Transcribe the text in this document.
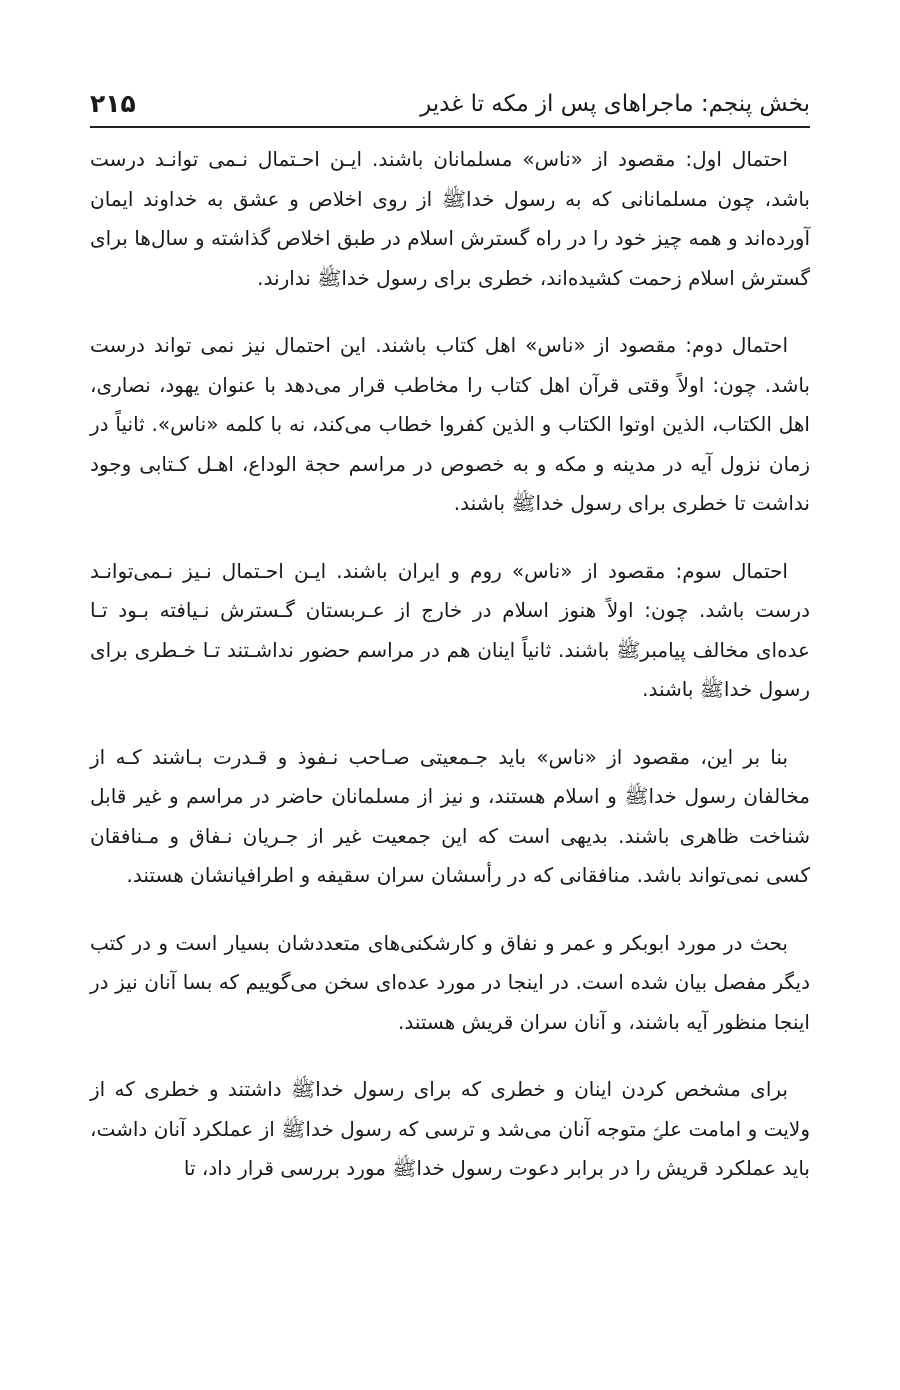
بخش پنجم: ماجراهای پس از مکه تا غدیر
۲۱۵

احتمال اول: مقصود از «ناس» مسلمانان باشند. ایـن احـتمال نـمی توانـد درست باشد، چون مسلمانانی که به رسول خداﷺ از روی اخلاص و عشق به خداوند ایمان آورده‌اند و همه چیز خود را در راه گسترش اسلام در طبق اخلاص گذاشته و سال‌ها برای گسترش اسلام زحمت کشیده‌اند، خطری برای رسول خداﷺ ندارند.

احتمال دوم: مقصود از «ناس» اهل کتاب باشند. این احتمال نیز نمی تواند درست باشد. چون: اولاً وقتی قرآن اهل کتاب را مخاطب قرار می‌دهد با عنوان یهود، نصاری، اهل الکتاب، الذین اوتوا الکتاب و الذین کفروا خطاب می‌کند، نه با کلمه «ناس». ثانیاً در زمان نزول آیه در مدینه و مکه و به خصوص در مراسم حجة الوداع، اهـل کـتابی وجود نداشت تا خطری برای رسول خداﷺ باشند.

احتمال سوم: مقصود از «ناس» روم و ایران باشند. ایـن احـتمال نـیز نـمی‌توانـد درست باشد. چون: اولاً هنوز اسلام در خارج از عـربستان گـسترش نـیافته بـود تـا عده‌ای مخالف پیامبرﷺ باشند. ثانیاً اینان هم در مراسم حضور نداشـتند تـا خـطری برای رسول خداﷺ باشند.

بنا بر این، مقصود از «ناس» باید جـمعیتی صـاحب نـفوذ و قـدرت بـاشند کـه از مخالفان رسول خداﷺ و اسلام هستند، و نیز از مسلمانان حاضر در مراسم و غیر قابل شناخت ظاهری باشند. بدیهی است که این جمعیت غیر از جـریان نـفاق و مـنافقان کسی نمی‌تواند باشد. منافقانی که در رأسشان سران سقیفه و اطرافیانشان هستند.

بحث در مورد ابوبکر و عمر و نفاق و کارشکنی‌های متعددشان بسیار است و در کتب دیگر مفصل بیان شده است. در اینجا در مورد عده‌ای سخن می‌گوییم که بسا آنان نیز در اینجا منظور آیه باشند، و آنان سران قریش هستند.

برای مشخص کردن اینان و خطری که برای رسول خداﷺ داشتند و خطری که از ولایت و امامت علیؑ متوجه آنان می‌شد و ترسی که رسول خداﷺ از عملکرد آنان داشت، باید عملکرد قریش را در برابر دعوت رسول خداﷺ مورد بررسی قرار داد، تا
